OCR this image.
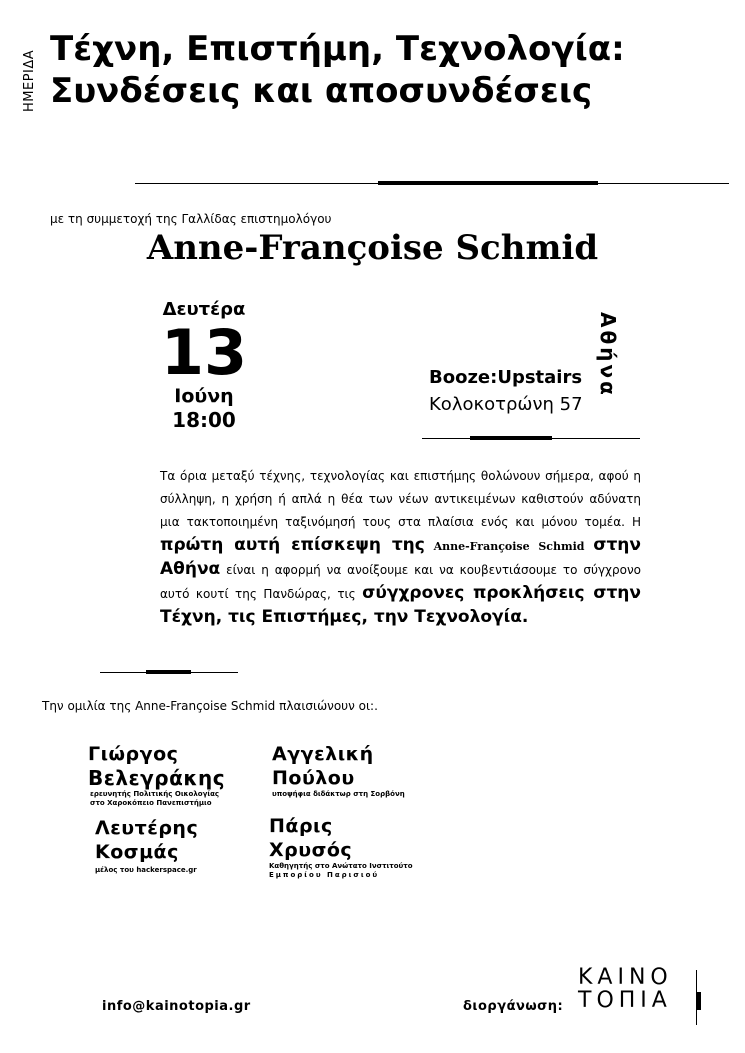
ΗΜΕΡΙΔΑ
Τέχνη, Επιστήμη, Τεχνολογία:
Συνδέσεις και αποσυνδέσεις
με τη συμμετοχή της Γαλλίδας επιστημολόγου
Anne-Françoise Schmid
Δευτέρα
13
Ιούνη
18:00
Booze:Upstairs
Κολοκοτρώνη 57
Αθήνα
Τα όρια μεταξύ τέχνης, τεχνολογίας και επιστήμης θολώνουν σήμερα, αφού η σύλληψη, η χρήση ή απλά η θέα των νέων αντικειμένων καθιστούν αδύνατη μια τακτοποιημένη ταξινόμησή τους στα πλαίσια ενός και μόνου τομέα. Η πρώτη αυτή επίσκεψη της Anne-Françoise Schmid στην Αθήνα είναι η αφορμή να ανοίξουμε και να κουβεντιάσουμε το σύγχρονο αυτό κουτί της Πανδώρας, τις σύγχρονες προκλήσεις στην Τέχνη, τις Επιστήμες, την Τεχνολογία.
Την ομιλία της Anne-Françoise Schmid πλαισιώνουν οι:.
Γιώργος
Βελεγράκης
ερευνητής Πολιτικής Οικολογίας
στο Χαροκόπειο Πανεπιστήμιο
Αγγελική
Πούλου
υποψήφια διδάκτωρ στη Σορβόνη
Λευτέρης
Κοσμάς
μέλος του hackerspace.gr
Πάρις
Χρυσός
Καθηγητής στο Ανώτατο Ινστιτούτο
Εμπορίου Παρισιού
info@kainotopia.gr	διοργάνωση:
ΚΑΙΝΟ
ΤΟΠΙΑ
